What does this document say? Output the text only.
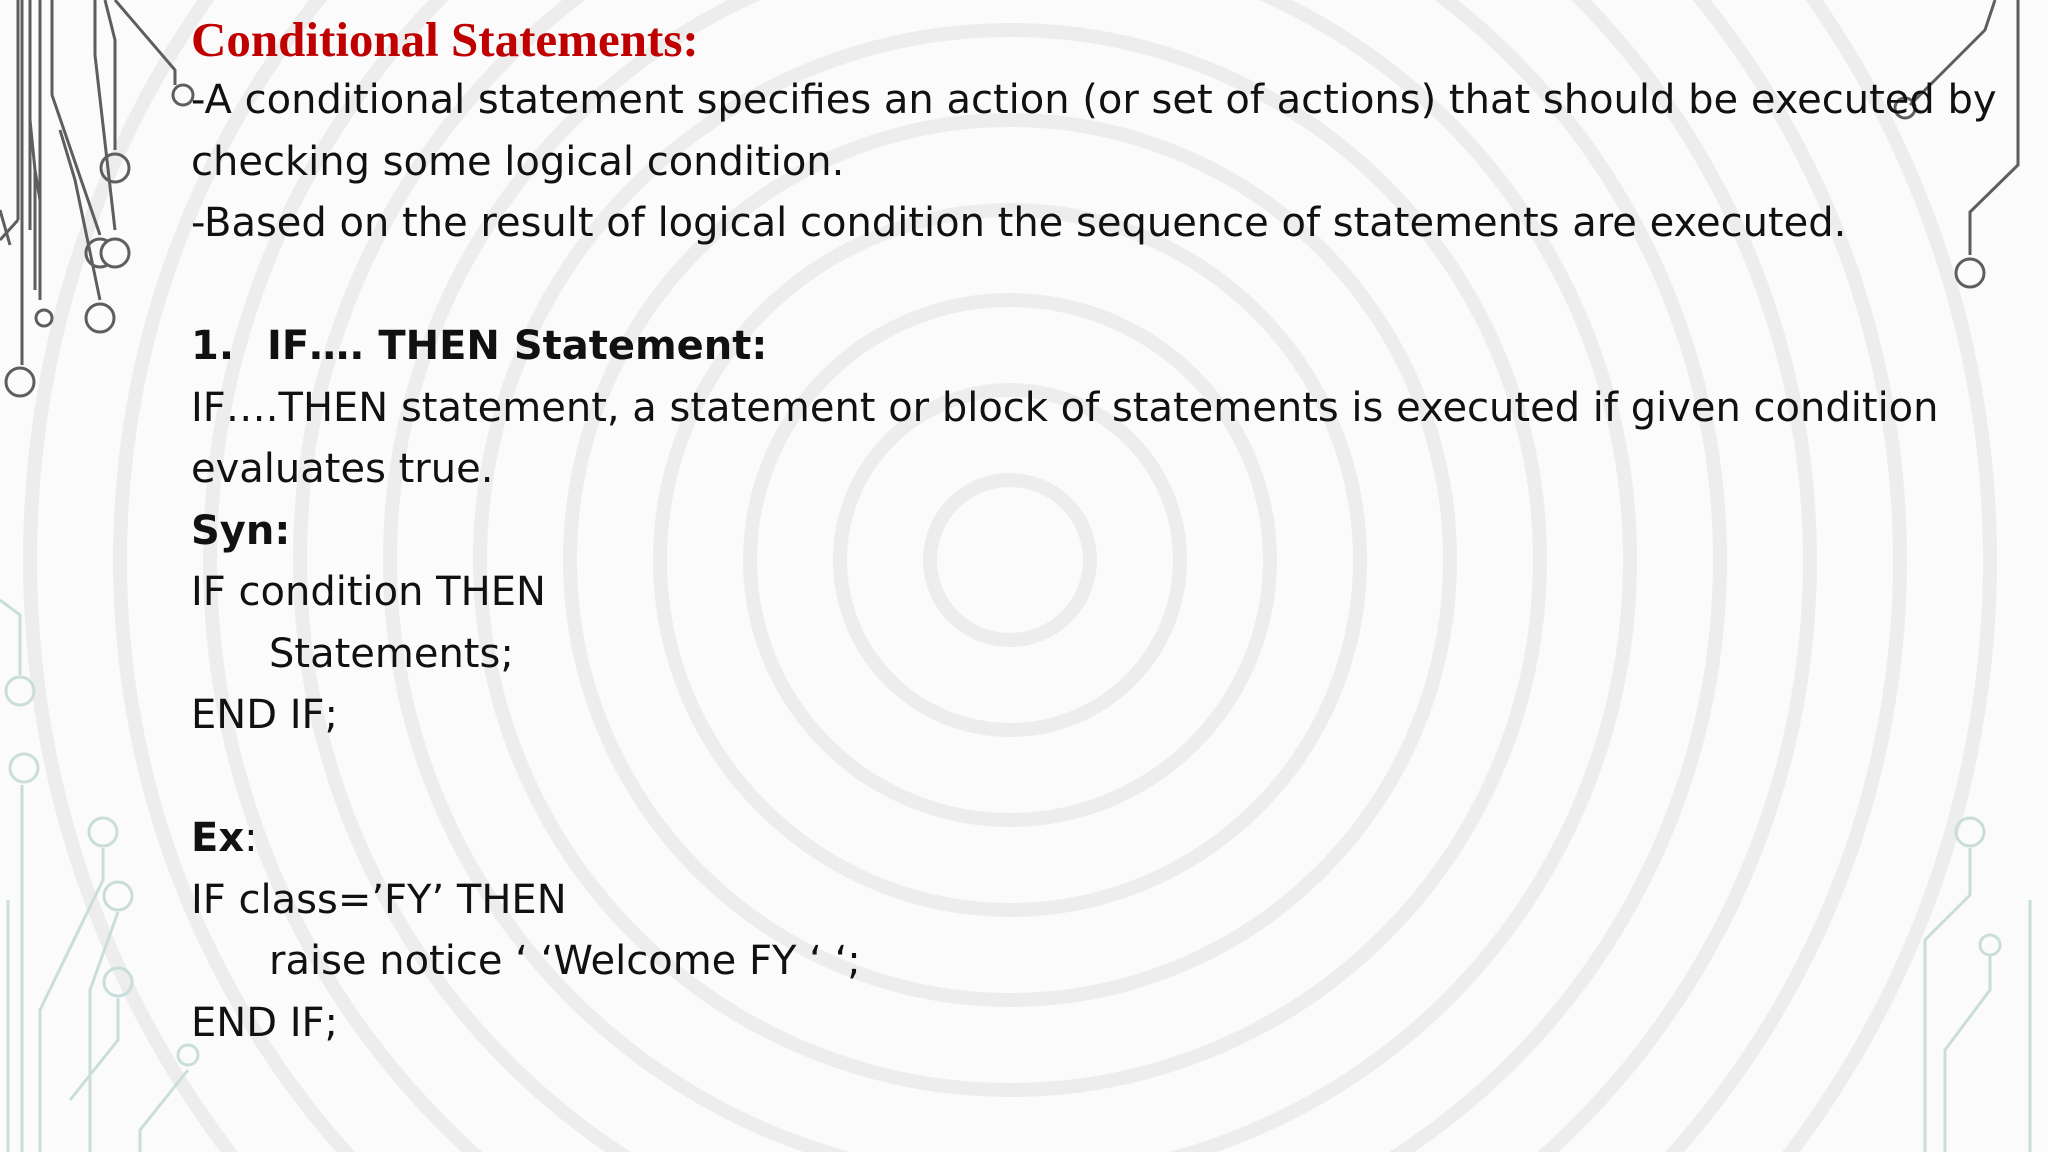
Conditional Statements:

-A conditional statement specifies an action (or set of actions) that should be executed by

checking some logical condition.

-Based on the result of logical condition the sequence of statements are executed.

1. IF…. THEN Statement:

IF….THEN statement, a statement or block of statements is executed if given condition

evaluates true.

Syn:

IF condition THEN

Statements;

END IF;

Ex:

IF class=’FY’ THEN

raise notice ‘ ‘Welcome FY ‘ ‘;

END IF;
